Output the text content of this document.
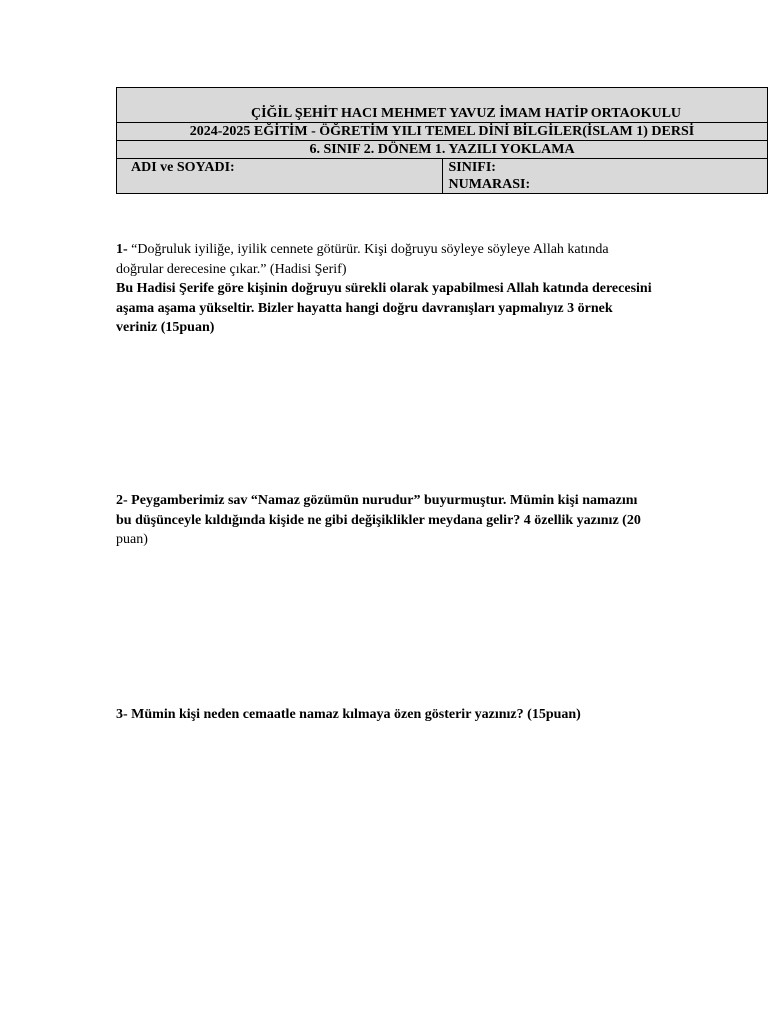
ÇİĞİL ŞEHİT HACI MEHMET YAVUZ İMAM HATİP ORTAOKULU
2024-2025 EĞİTİM - ÖĞRETİM YILI TEMEL DİNİ BİLGİLER(İSLAM 1) DERSİ
6. SINIF 2. DÖNEM 1. YAZILI YOKLAMA
ADI ve SOYADI:	SINIFI:
NUMARASI:
1- “Doğruluk iyiliğe, iyilik cennete götürür. Kişi doğruyu söyleye söyleye Allah katında doğrular derecesine çıkar.” (Hadisi Şerif)
Bu Hadisi Şerife göre kişinin doğruyu sürekli olarak yapabilmesi Allah katında derecesini aşama aşama yükseltir. Bizler hayatta hangi doğru davranışları yapmalıyız 3 örnek veriniz (15puan)
2- Peygamberimiz sav “Namaz gözümün nurudur” buyurmuştur. Mümin kişi namazını bu düşünceyle kıldığında kişide ne gibi değişiklikler meydana gelir? 4 özellik yazınız (20 puan)
3- Mümin kişi neden cemaatle namaz kılmaya özen gösterir yazınız? (15puan)
